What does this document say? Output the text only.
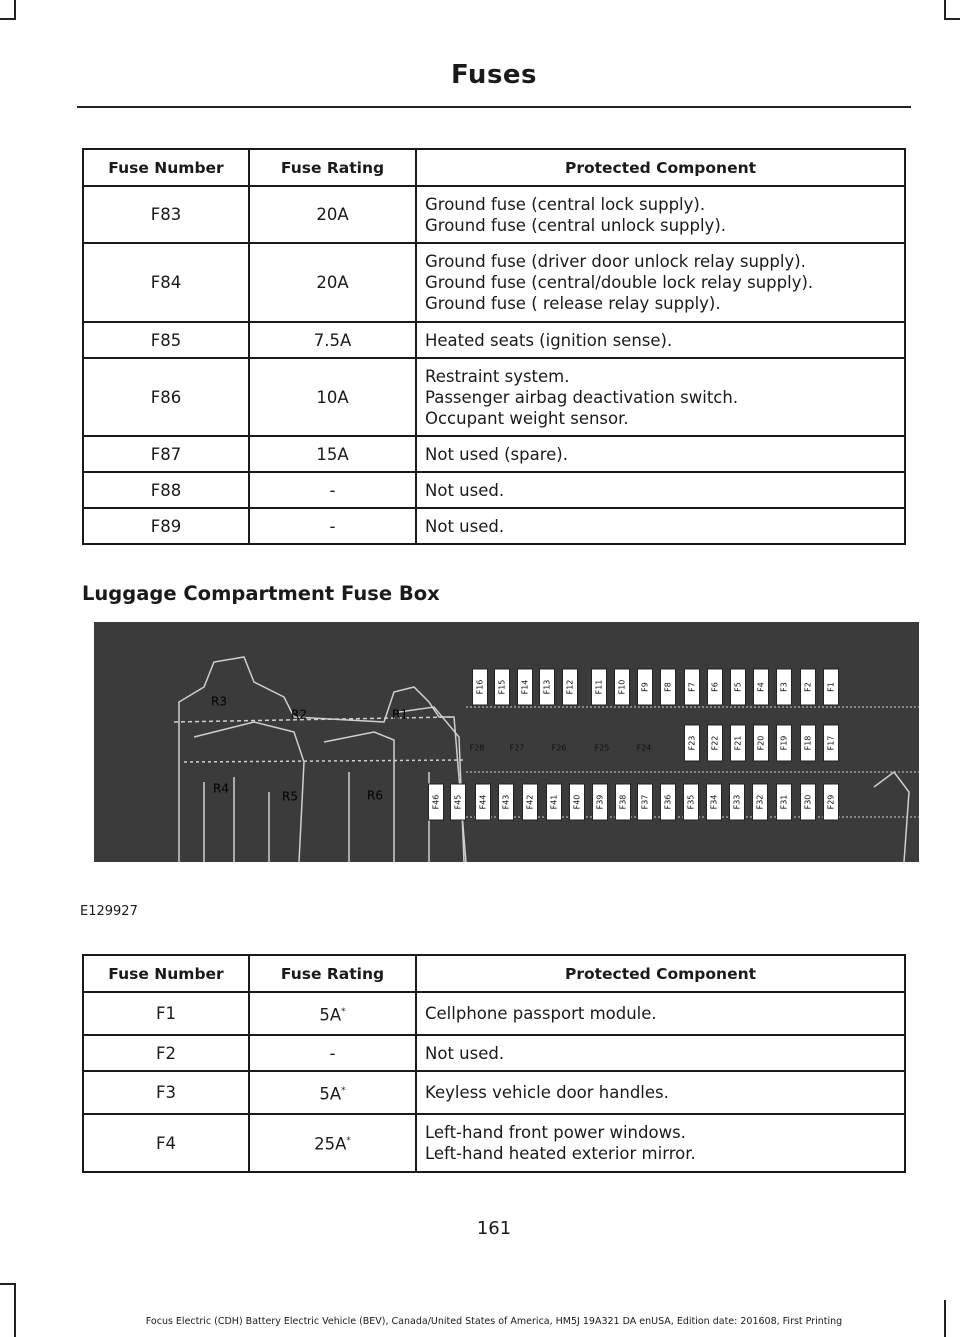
Fuses
Fuse Number	Fuse Rating	Protected Component
F83	20A	Ground fuse (central lock supply).
Ground fuse (central unlock supply).

F84	20A	Ground fuse (driver door unlock relay supply).
Ground fuse (central/double lock relay supply).
Ground fuse ( release relay supply).

F85	7.5A	Heated seats (ignition sense).

F86	10A	Restraint system.
Passenger airbag deactivation switch.
Occupant weight sensor.

F87	15A	Not used (spare).

F88	-	Not used.

F89	-	Not used.
Luggage Compartment Fuse Box
R3
R2	R1
R4
R5	R6
F16 F15 F14 F13 F12	F11 F10 F9 F8 F7 F6 F5 F4 F3 F2 F1
F28	F27	F26	F25	F24	F23 F22 F21 F20 F19 F18 F17
F46 F45 F44 F43 F42 F41 F40 F39 F38 F37 F36 F35 F34 F33 F32 F31 F30 F29
E129927
Fuse Number	Fuse Rating	Protected Component
F1	5A*	Cellphone passport module.

F2	-	Not used.

F3	5A*	Keyless vehicle door handles.

F4	25A*	Left-hand front power windows.
Left-hand heated exterior mirror.
161
Focus Electric (CDH) Battery Electric Vehicle (BEV), Canada/United States of America, HM5J 19A321 DA enUSA, Edition date: 201608, First Printing
